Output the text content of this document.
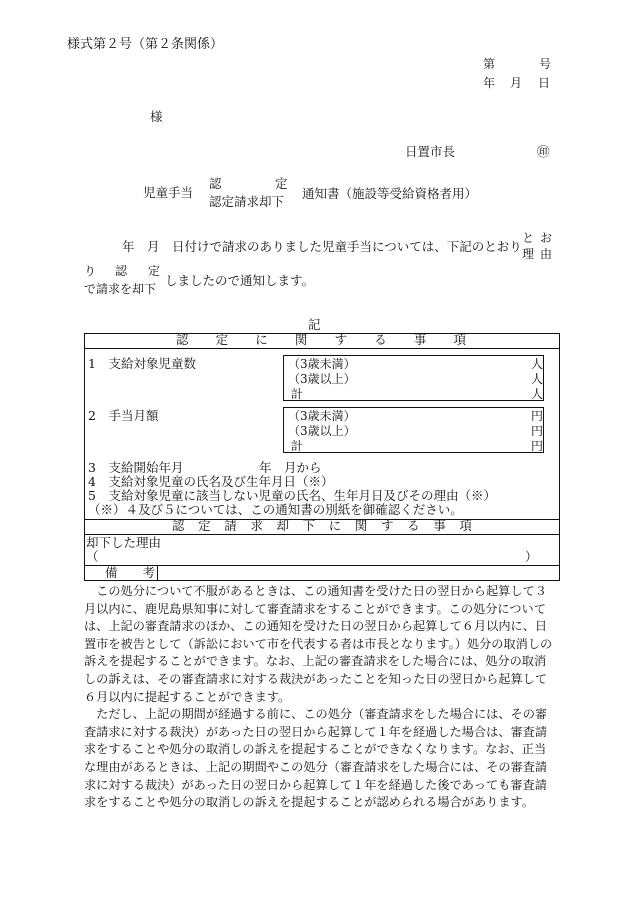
様式第２号（第２条関係）
第	号
年 月 日
様
日置市長	㊞
児童手当
認	定
認定請求却下
通知書（施設等受給資格者用）
年　月　日付けで請求のありました児童手当については、下記のとおり
と お
理 由
り 認 定
で請求を却下
しましたので通知します。
記
認 定 に 関 す る 事 項
1　支給対象児童数	（3歳未満）	人
（3歳以上）	人
計	人
2　手当月額	（3歳未満）	円
（3歳以上）	円
計	円
3　支給開始年月	年　月から
4　支給対象児童の氏名及び生年月日（※）
5　支給対象児童に該当しない児童の氏名、生年月日及びその理由（※）
（※）４及び５については、この通知書の別紙を御確認ください。
認 定 請 求 却 下 に 関 す る 事 項
却下した理由
（	）
備　　考

　この処分について不服があるときは、この通知書を受けた日の翌日から起算して３月以内に、鹿児島県知事に対して審査請求をすることができます。この処分については、上記の審査請求のほか、この通知を受けた日の翌日から起算して６月以内に、日置市を被告として（訴訟において市を代表する者は市長となります。）処分の取消しの訴えを提起することができます。なお、上記の審査請求をした場合には、処分の取消しの訴えは、その審査請求に対する裁決があったことを知った日の翌日から起算して６月以内に提起することができます。

　ただし、上記の期間が経過する前に、この処分（審査請求をした場合には、その審査請求に対する裁決）があった日の翌日から起算して１年を経過した場合は、審査請求をすることや処分の取消しの訴えを提起することができなくなります。なお、正当な理由があるときは、上記の期間やこの処分（審査請求をした場合には、その審査請求に対する裁決）があった日の翌日から起算して１年を経過した後であっても審査請求をすることや処分の取消しの訴えを提起することが認められる場合があります。
